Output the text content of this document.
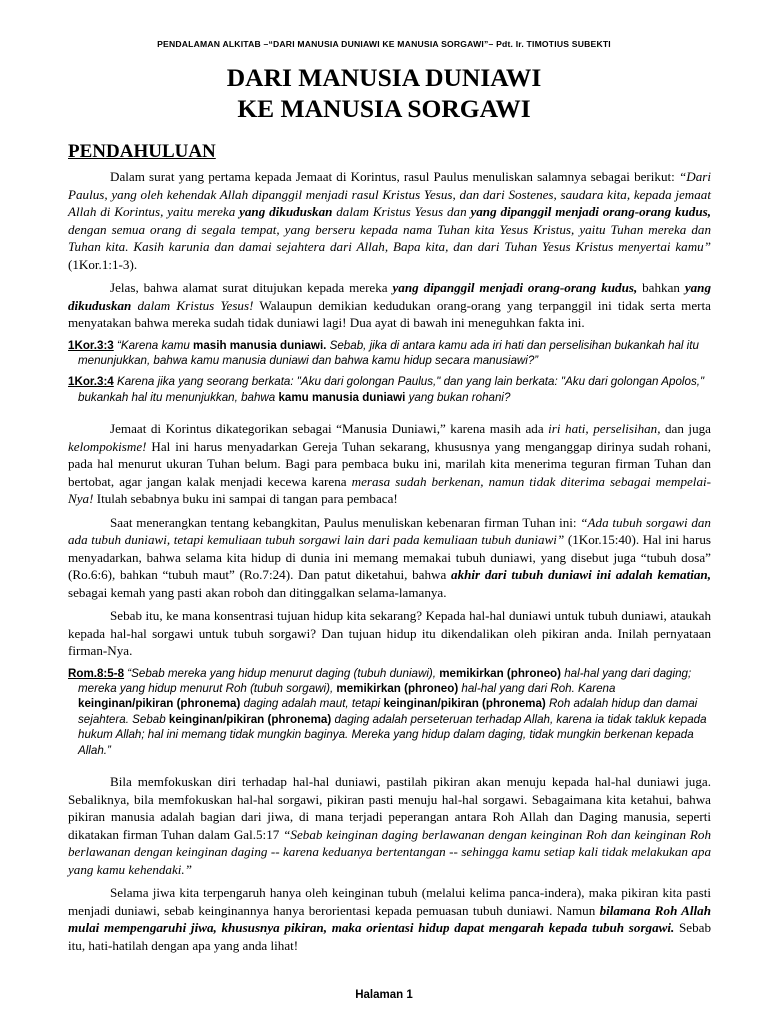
PENDALAMAN ALKITAB –“DARI MANUSIA DUNIAWI KE MANUSIA SORGAWI”– Pdt. Ir. TIMOTIUS SUBEKTI
DARI MANUSIA DUNIAWI
KE MANUSIA SORGAWI
PENDAHULUAN

Dalam surat yang pertama kepada Jemaat di Korintus, rasul Paulus menuliskan salamnya sebagai berikut: “Dari Paulus, yang oleh kehendak Allah dipanggil menjadi rasul Kristus Yesus, dan dari Sostenes, saudara kita, kepada jemaat Allah di Korintus, yaitu mereka yang dikuduskan dalam Kristus Yesus dan yang dipanggil menjadi orang-orang kudus, dengan semua orang di segala tempat, yang berseru kepada nama Tuhan kita Yesus Kristus, yaitu Tuhan mereka dan Tuhan kita. Kasih karunia dan damai sejahtera dari Allah, Bapa kita, dan dari Tuhan Yesus Kristus menyertai kamu” (1Kor.1:1-3).

Jelas, bahwa alamat surat ditujukan kepada mereka yang dipanggil menjadi orang-orang kudus, bahkan yang dikuduskan dalam Kristus Yesus! Walaupun demikian kedudukan orang-orang yang terpanggil ini tidak serta merta menyatakan bahwa mereka sudah tidak duniawi lagi! Dua ayat di bawah ini meneguhkan fakta ini.

1Kor.3:3 “Karena kamu masih manusia duniawi. Sebab, jika di antara kamu ada iri hati dan perselisihan bukankah hal itu menunjukkan, bahwa kamu manusia duniawi dan bahwa kamu hidup secara manusiawi?”
1Kor.3:4 Karena jika yang seorang berkata: "Aku dari golongan Paulus," dan yang lain berkata: "Aku dari golongan Apolos," bukankah hal itu menunjukkan, bahwa kamu manusia duniawi yang bukan rohani?

Jemaat di Korintus dikategorikan sebagai “Manusia Duniawi,” karena masih ada iri hati, perselisihan, dan juga kelompokisme! Hal ini harus menyadarkan Gereja Tuhan sekarang, khususnya yang menganggap dirinya sudah rohani, pada hal menurut ukuran Tuhan belum. Bagi para pembaca buku ini, marilah kita menerima teguran firman Tuhan dan bertobat, agar jangan kalak menjadi kecewa karena merasa sudah berkenan, namun tidak diterima sebagai mempelai-Nya! Itulah sebabnya buku ini sampai di tangan para pembaca!

Saat menerangkan tentang kebangkitan, Paulus menuliskan kebenaran firman Tuhan ini: “Ada tubuh sorgawi dan ada tubuh duniawi, tetapi kemuliaan tubuh sorgawi lain dari pada kemuliaan tubuh duniawi” (1Kor.15:40). Hal ini harus menyadarkan, bahwa selama kita hidup di dunia ini memang memakai tubuh duniawi, yang disebut juga “tubuh dosa” (Ro.6:6), bahkan “tubuh maut” (Ro.7:24). Dan patut diketahui, bahwa akhir dari tubuh duniawi ini adalah kematian, sebagai kemah yang pasti akan roboh dan ditinggalkan selama-lamanya.

Sebab itu, ke mana konsentrasi tujuan hidup kita sekarang? Kepada hal-hal duniawi untuk tubuh duniawi, ataukah kepada hal-hal sorgawi untuk tubuh sorgawi? Dan tujuan hidup itu dikendalikan oleh pikiran anda. Inilah pernyataan firman-Nya.

Rom.8:5-8 “Sebab mereka yang hidup menurut daging (tubuh duniawi), memikirkan (phroneo) hal-hal yang dari daging; mereka yang hidup menurut Roh (tubuh sorgawi), memikirkan (phroneo) hal-hal yang dari Roh. Karena keinginan/pikiran (phronema) daging adalah maut, tetapi keinginan/pikiran (phronema) Roh adalah hidup dan damai sejahtera. Sebab keinginan/pikiran (phronema) daging adalah perseteruan terhadap Allah, karena ia tidak takluk kepada hukum Allah; hal ini memang tidak mungkin baginya. Mereka yang hidup dalam daging, tidak mungkin berkenan kepada Allah.”

Bila memfokuskan diri terhadap hal-hal duniawi, pastilah pikiran akan menuju kepada hal-hal duniawi juga. Sebaliknya, bila memfokuskan hal-hal sorgawi, pikiran pasti menuju hal-hal sorgawi. Sebagaimana kita ketahui, bahwa pikiran manusia adalah bagian dari jiwa, di mana terjadi peperangan antara Roh Allah dan Daging manusia, seperti dikatakan firman Tuhan dalam Gal.5:17 “Sebab keinginan daging berlawanan dengan keinginan Roh dan keinginan Roh berlawanan dengan keinginan daging -- karena keduanya bertentangan -- sehingga kamu setiap kali tidak melakukan apa yang kamu kehendaki.”

Selama jiwa kita terpengaruh hanya oleh keinginan tubuh (melalui kelima panca-indera), maka pikiran kita pasti menjadi duniawi, sebab keinginannya hanya berorientasi kepada pemuasan tubuh duniawi. Namun bilamana Roh Allah mulai mempengaruhi jiwa, khususnya pikiran, maka orientasi hidup dapat mengarah kepada tubuh sorgawi. Sebab itu, hati-hatilah dengan apa yang anda lihat!

Halaman 1
